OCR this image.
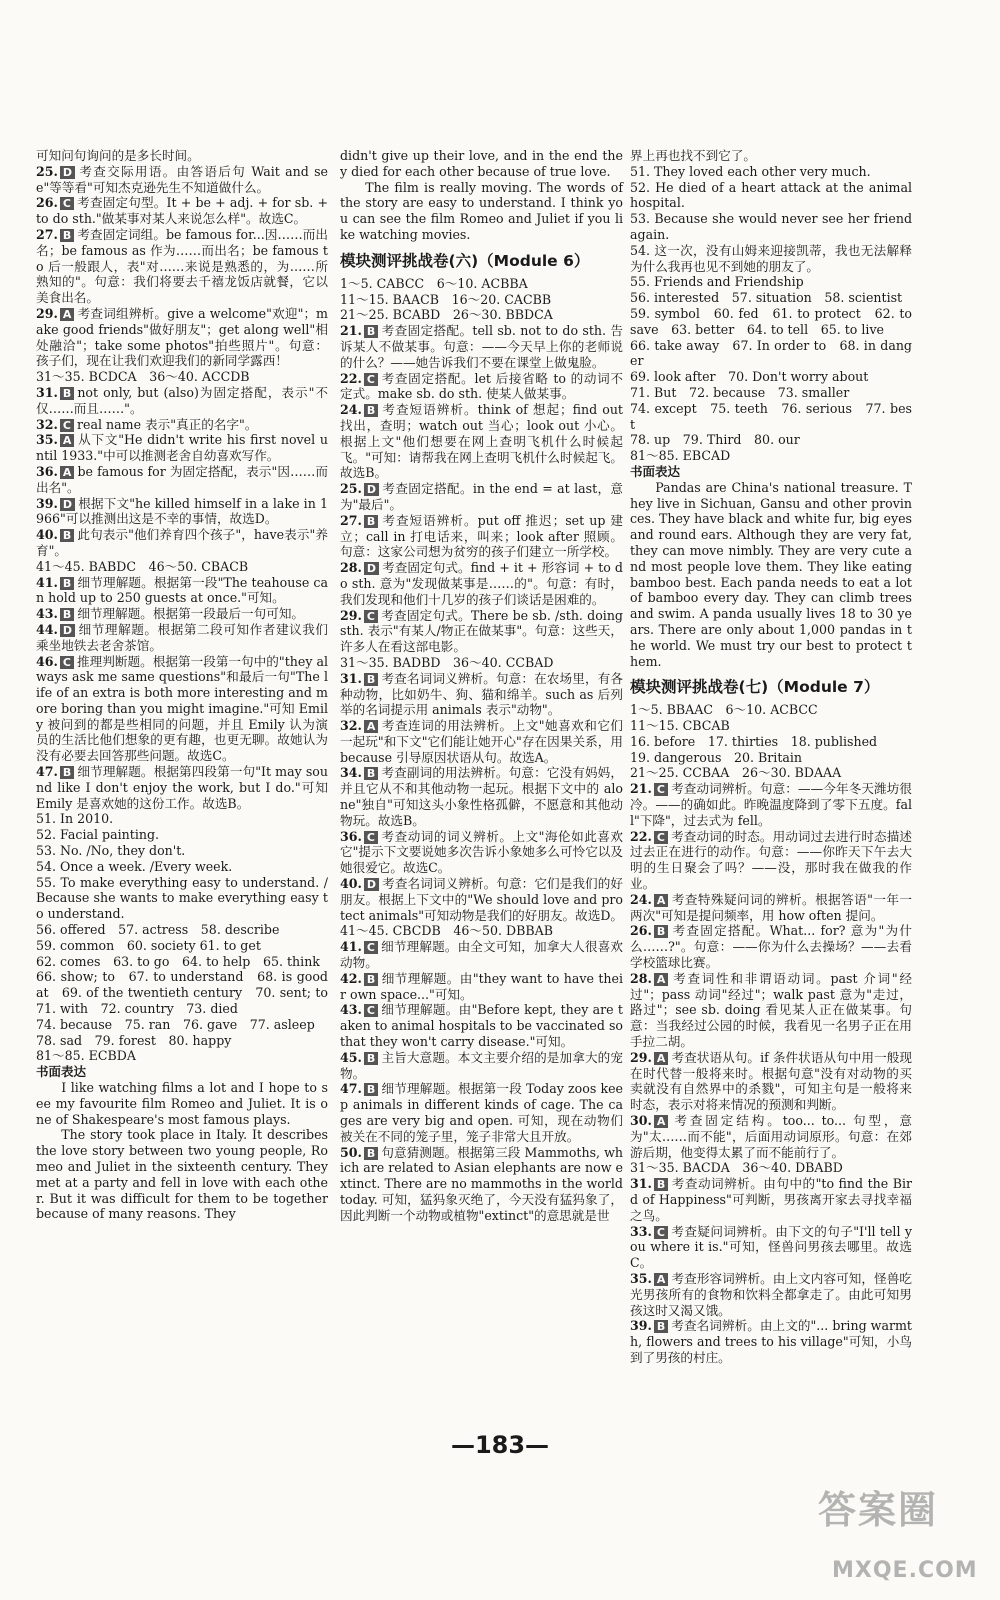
可知问句询问的是多长时间。

25. D 考查交际用语。由答语后句 Wait and see"等等看"可知杰克逊先生不知道做什么。

26. C 考查固定句型。It + be + adj. + for sb. + to do sth."做某事对某人来说怎么样"。故选C。

27. B 考查固定词组。be famous for...因……而出名；be famous as 作为……而出名；be famous to 后一般跟人，表"对……来说是熟悉的，为……所熟知的"。句意：我们将要去千禧龙饭店就餐，它以美食出名。

29. A 考查词组辨析。give a welcome"欢迎"；make good friends"做好朋友"；get along well"相处融洽"；take some photos"拍些照片"。句意：孩子们，现在让我们欢迎我们的新同学露西！

31～35. BCDCA　36～40. ACCDB

31. B not only, but (also)为固定搭配，表示"不仅……而且……"。

32. C real name 表示"真正的名字"。

35. A 从下文"He didn't write his first novel until 1933."中可以推测老舍自幼喜欢写作。

36. A be famous for 为固定搭配，表示"因……而出名"。

39. D 根据下文"he killed himself in a lake in 1966"可以推测出这是不幸的事情，故选D。

40. B 此句表示"他们养育四个孩子"，have表示"养育"。

41～45. BABDC　46～50. CBACB

41. B 细节理解题。根据第一段"The teahouse can hold up to 250 guests at once."可知。

43. B 细节理解题。根据第一段最后一句可知。

44. D 细节理解题。根据第二段可知作者建议我们乘坐地铁去老舍茶馆。

46. C 推理判断题。根据第一段第一句中的"they always ask me same questions"和最后一句"The life of an extra is both more interesting and more boring than you might imagine."可知 Emily 被问到的都是些相同的问题，并且 Emily 认为演员的生活比他们想象的更有趣，也更无聊。故她认为没有必要去回答那些问题。故选C。

47. B 细节理解题。根据第四段第一句"It may sound like I don't enjoy the work, but I do."可知 Emily 是喜欢她的这份工作。故选B。

51. In 2010.

52. Facial painting.

53. No. /No, they don't.

54. Once a week. /Every week.

55. To make everything easy to understand. /Because she wants to make everything easy to understand.

56. offered　57. actress　58. describe

59. common　60. society 61. to get

62. comes　63. to go　64. to help　65. think

66. show; to　67. to understand　68. is good at　69. of the twentieth century　70. sent; to　71. with　72. country　73. died

74. because　75. ran　76. gave　77. asleep

78. sad　79. forest　80. happy

81～85. ECBDA

书面表达

I like watching films a lot and I hope to see my favourite film Romeo and Juliet. It is one of Shakespeare's most famous plays.

The story took place in Italy. It describes the love story between two young people, Romeo and Juliet in the sixteenth century. They met at a party and fell in love with each other. But it was difficult for them to be together because of many reasons. They

didn't give up their love, and in the end they died for each other because of true love.

The film is really moving. The words of the story are easy to understand. I think you can see the film Romeo and Juliet if you like watching movies.

模块测评挑战卷(六)（Module 6）

1～5. CABCC　6～10. ACBBA

11～15. BAACB　16～20. CACBB

21～25. BCABD　26～30. BBDCA

21. B 考查固定搭配。tell sb. not to do sth. 告诉某人不做某事。句意：——今天早上你的老师说的什么？——她告诉我们不要在课堂上做鬼脸。

22. C 考查固定搭配。let 后接省略 to 的动词不定式。make sb. do sth. 使某人做某事。

24. B 考查短语辨析。think of 想起；find out 找出，查明；watch out 当心；look out 小心。根据上文"他们想要在网上查明飞机什么时候起飞。"可知：请帮我在网上查明飞机什么时候起飞。故选B。

25. D 考查固定搭配。in the end = at last，意为"最后"。

27. B 考查短语辨析。put off 推迟；set up 建立；call in 打电话来，叫来；look after 照顾。句意：这家公司想为贫穷的孩子们建立一所学校。

28. D 考查固定句式。find + it + 形容词 + to do sth. 意为"发现做某事是……的"。句意：有时，我们发现和他们十几岁的孩子们谈话是困难的。

29. C 考查固定句式。There be sb. /sth. doing sth. 表示"有某人/物正在做某事"。句意：这些天，许多人在看这部电影。

31～35. BADBD　36～40. CCBAD

31. B 考查名词词义辨析。句意：在农场里，有各种动物，比如奶牛、狗、猫和绵羊。such as 后列举的名词提示用 animals 表示"动物"。

32. A 考查连词的用法辨析。上文"她喜欢和它们一起玩"和下文"它们能让她开心"存在因果关系，用 because 引导原因状语从句。故选A。

34. B 考查副词的用法辨析。句意：它没有妈妈，并且它从不和其他动物一起玩。根据下文中的 alone"独自"可知这头小象性格孤僻，不愿意和其他动物玩。故选B。

36. C 考查动词的词义辨析。上文"海伦如此喜欢它"提示下文要说她多次告诉小象她多么可怜它以及她很爱它。故选C。

40. D 考查名词词义辨析。句意：它们是我们的好朋友。根据上下文中的"We should love and protect animals"可知动物是我们的好朋友。故选D。

41～45. CBCDB　46～50. DBBAB

41. C 细节理解题。由全文可知，加拿大人很喜欢动物。

42. B 细节理解题。由"they want to have their own space..."可知。

43. C 细节理解题。由"Before kept, they are taken to animal hospitals to be vaccinated so that they won't carry disease."可知。

45. B 主旨大意题。本文主要介绍的是加拿大的宠物。

47. B 细节理解题。根据第一段 Today zoos keep animals in different kinds of cage. The cages are very big and open. 可知，现在动物们被关在不同的笼子里，笼子非常大且开放。

50. B 句意猜测题。根据第三段 Mammoths, which are related to Asian elephants are now extinct. There are no mammoths in the world today. 可知，猛犸象灭绝了，今天没有猛犸象了，因此判断一个动物或植物"extinct"的意思就是世

界上再也找不到它了。

51. They loved each other very much.

52. He died of a heart attack at the animal hospital.

53. Because she would never see her friend again.

54. 这一次，没有山姆来迎接凯蒂，我也无法解释为什么我再也见不到她的朋友了。

55. Friends and Friendship

56. interested　57. situation　58. scientist

59. symbol　60. fed　61. to protect　62. to save　63. better　64. to tell　65. to live

66. take away　67. In order to　68. in danger

69. look after　70. Don't worry about

71. But　72. because　73. smaller

74. except　75. teeth　76. serious　77. best

78. up　79. Third　80. our

81～85. EBCAD

书面表达

Pandas are China's national treasure. They live in Sichuan, Gansu and other provinces. They have black and white fur, big eyes and round ears. Although they are very fat, they can move nimbly. They are very cute and most people love them. They like eating bamboo best. Each panda needs to eat a lot of bamboo every day. They can climb trees and swim. A panda usually lives 18 to 30 years. There are only about 1,000 pandas in the world. We must try our best to protect them.

模块测评挑战卷(七)（Module 7）

1～5. BBAAC　6～10. ACBCC

11～15. CBCAB

16. before　17. thirties　18. published

19. dangerous　20. Britain

21～25. CCBAA　26～30. BDAAA

21. C 考查动词辨析。句意：——今年冬天潍坊很冷。——的确如此。昨晚温度降到了零下五度。fall"下降"，过去式为 fell。

22. C 考查动词的时态。用动词过去进行时态描述过去正在进行的动作。句意：——你昨天下午去大明的生日聚会了吗？——没，那时我在做我的作业。

24. A 考查特殊疑问词的辨析。根据答语"一年一两次"可知是提问频率，用 how often 提问。

26. B 考查固定搭配。What... for? 意为"为什么……?"。句意：——你为什么去操场？——去看学校篮球比赛。

28. A 考查词性和非谓语动词。past 介词"经过"；pass 动词"经过"；walk past 意为"走过，路过"；see sb. doing 看见某人正在做某事。句意：当我经过公园的时候，我看见一名男子正在用手拉二胡。

29. A 考查状语从句。if 条件状语从句中用一般现在时代替一般将来时。根据句意"没有对动物的买卖就没有自然界中的杀戮"，可知主句是一般将来时态，表示对将来情况的预测和判断。

30. A 考查固定结构。too... to... 句型，意为"太……而不能"，后面用动词原形。句意：在郊游后期，他变得太累了而不能前行了。

31～35. BACDA　36～40. DBABD

31. B 考查动词辨析。由句中的"to find the Bird of Happiness"可判断，男孩离开家去寻找幸福之鸟。

33. C 考查疑问词辨析。由下文的句子"I'll tell you where it is."可知，怪兽问男孩去哪里。故选C。

35. A 考查形容词辨析。由上文内容可知，怪兽吃光男孩所有的食物和饮料全都拿走了。由此可知男孩这时又渴又饿。

39. B 考查名词辨析。由上文的"... bring warmth, flowers and trees to his village"可知，小鸟到了男孩的村庄。

—183—
答案圈
MXQE.COM
